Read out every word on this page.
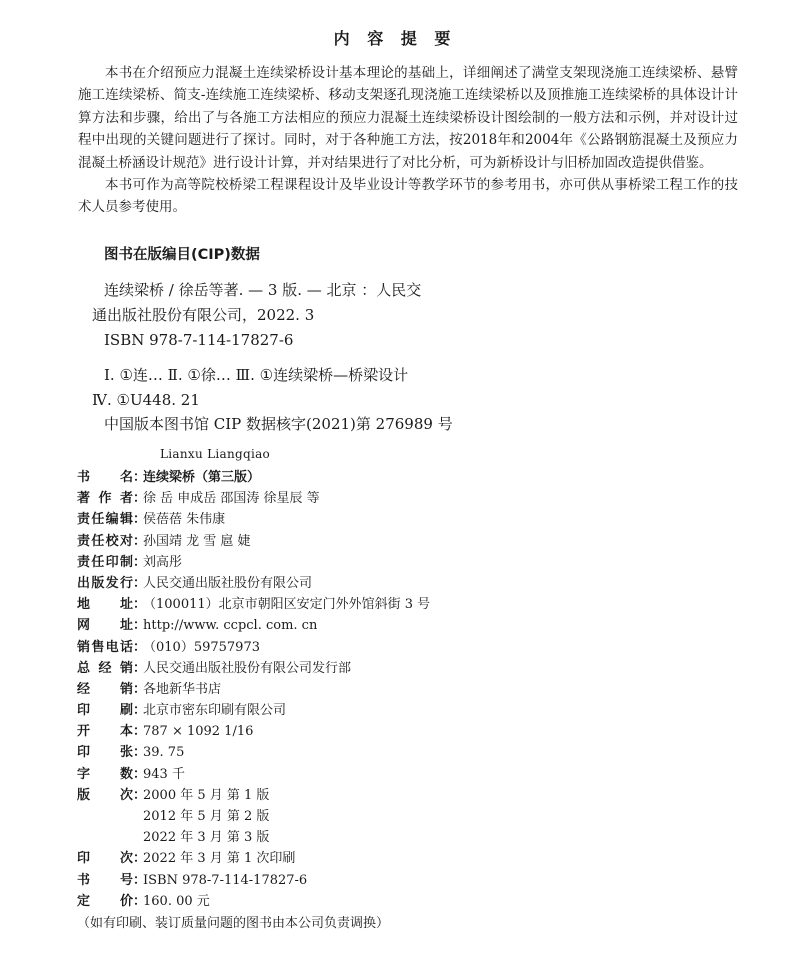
内 容 提 要

本书在介绍预应力混凝土连续梁桥设计基本理论的基础上，详细阐述了满堂支架现浇施工连续梁桥、悬臂施工连续梁桥、简支-连续施工连续梁桥、移动支架逐孔现浇施工连续梁桥以及顶推施工连续梁桥的具体设计计算方法和步骤，给出了与各施工方法相应的预应力混凝土连续梁桥设计图绘制的一般方法和示例，并对设计过程中出现的关键问题进行了探讨。同时，对于各种施工方法，按2018年和2004年《公路钢筋混凝土及预应力混凝土桥涵设计规范》进行设计计算，并对结果进行了对比分析，可为新桥设计与旧桥加固改造提供借鉴。

本书可作为高等院校桥梁工程课程设计及毕业设计等教学环节的参考用书，亦可供从事桥梁工程工作的技术人员参考使用。

图书在版编目(CIP)数据
连续梁桥 / 徐岳等著. — 3 版. — 北京 ：人民交
通出版社股份有限公司，2022. 3
ISBN 978-7-114-17827-6
Ⅰ. ①连… Ⅱ. ①徐… Ⅲ. ①连续梁桥—桥梁设计
Ⅳ. ①U448. 21
中国版本图书馆 CIP 数据核字(2021)第 276989 号
Lianxu Liangqiao
书 名 ：
连续梁桥（第三版）
著 作 者 ：
徐 岳 申成岳 邵国涛 徐星辰 等
责 任 编 辑 ：
侯蓓蓓 朱伟康
责 任 校 对 ：
孙国靖 龙 雪 扈 婕
责 任 印 制 ：
刘高彤
出 版 发 行 ：
人民交通出版社股份有限公司
地 址 ：
（100011）北京市朝阳区安定门外外馆斜街 3 号
网 址 ：
http://www. ccpcl. com. cn
销 售 电 话 ：
（010）59757973
总 经 销 ：
人民交通出版社股份有限公司发行部
经 销 ：
各地新华书店
印 刷 ：
北京市密东印刷有限公司
开 本 ：
787 × 1092 1/16
印 张 ：
39. 75
字 数 ：
943 千
版 次 ：
2000 年 5 月 第 1 版
2012 年 5 月 第 2 版
2022 年 3 月 第 3 版
印 次 ：
2022 年 3 月 第 1 次印刷
书 号 ：
ISBN 978-7-114-17827-6
定 价 ：
160. 00 元
（如有印刷、装订质量问题的图书由本公司负责调换）
